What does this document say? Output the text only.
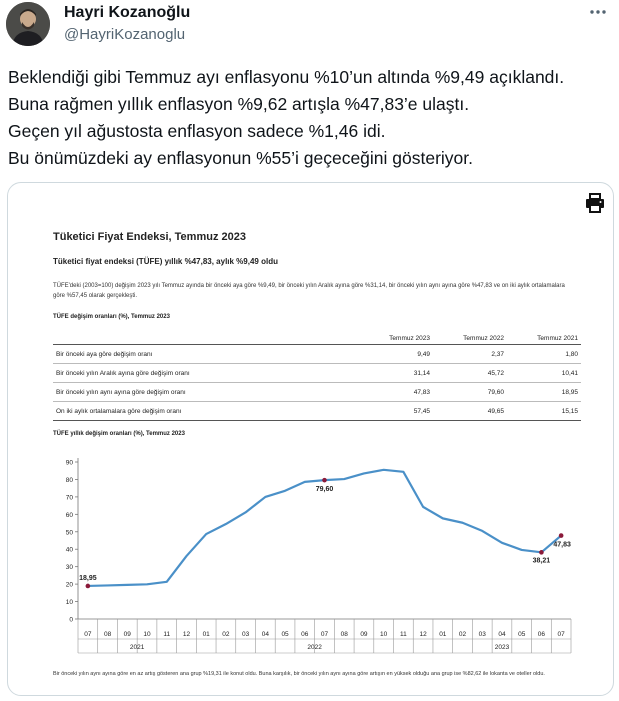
Hayri Kozanoğlu
@HayriKozanoglu
Beklendiği gibi Temmuz ayı enflasyonu %10’un altında %9,49 açıklandı.
Buna rağmen yıllık enflasyon %9,62 artışla %47,83’e ulaştı.
Geçen yıl ağustosta enflasyon sadece %1,46 idi.
Bu önümüzdeki ay enflasyonun %55’i geçeceğini gösteriyor.
Tüketici Fiyat Endeksi, Temmuz 2023
Tüketici fiyat endeksi (TÜFE) yıllık %47,83, aylık %9,49 oldu
TÜFE'deki (2003=100) değişim 2023 yılı Temmuz ayında bir önceki aya göre %9,49, bir önceki yılın Aralık ayına göre %31,14, bir önceki yılın aynı ayına göre %47,83 ve on iki aylık ortalamalara göre %57,45 olarak gerçekleşti.
TÜFE değişim oranları (%), Temmuz 2023
	Temmuz 2023	Temmuz 2022	Temmuz 2021
Bir önceki aya göre değişim oranı	9,49	2,37	1,80
Bir önceki yılın Aralık ayına göre değişim oranı	31,14	45,72	10,41
Bir önceki yılın aynı ayına göre değişim oranı	47,83	79,60	18,95
On iki aylık ortalamalara göre değişim oranı	57,45	49,65	15,15
TÜFE yıllık değişim oranları (%), Temmuz 2023
0
10
20
30
40
50
60
70
80
90
07 08 09 10 11 12 01 02 03 04 05 06 07 08 09 10 11 12 01 02 03 04 05 06 07
2021	2022	2023
18,95
79,60
38,21
47,83
Bir önceki yılın aynı ayına göre en az artış gösteren ana grup %19,31 ile konut oldu. Buna karşılık, bir önceki yılın aynı ayına göre artışın en yüksek olduğu ana grup ise %82,62 ile lokanta ve oteller oldu.
